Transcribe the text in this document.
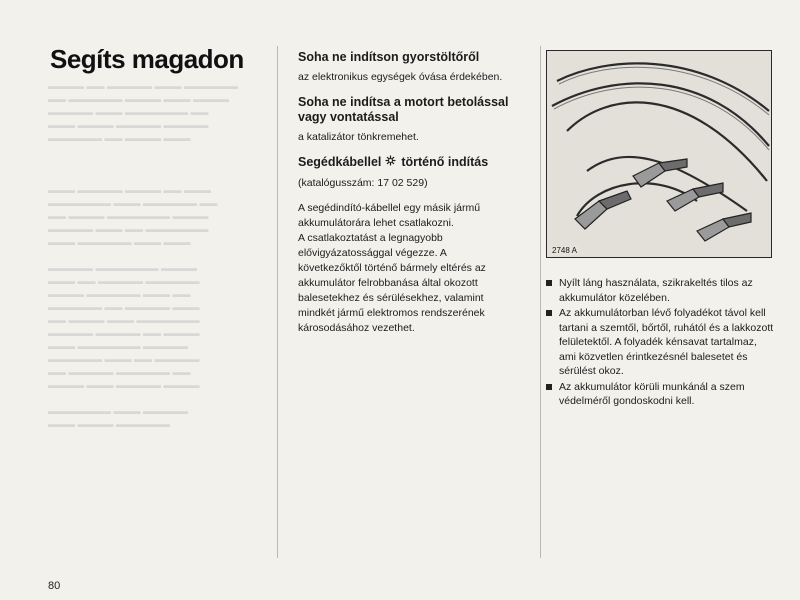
▬▬▬▬ ▬▬ ▬▬▬▬▬ ▬▬▬ ▬▬▬▬▬▬
▬▬ ▬▬▬▬▬▬ ▬▬▬▬ ▬▬▬ ▬▬▬▬
▬▬▬▬▬ ▬▬▬ ▬▬▬▬▬▬▬ ▬▬
▬▬▬ ▬▬▬▬ ▬▬▬▬▬ ▬▬▬▬▬
▬▬▬▬▬▬ ▬▬ ▬▬▬▬ ▬▬▬

▬▬▬ ▬▬▬▬▬ ▬▬▬▬ ▬▬ ▬▬▬
▬▬▬▬▬▬▬ ▬▬▬ ▬▬▬▬▬▬ ▬▬
▬▬ ▬▬▬▬ ▬▬▬▬▬▬▬ ▬▬▬▬
▬▬▬▬▬ ▬▬▬ ▬▬ ▬▬▬▬▬▬▬
▬▬▬ ▬▬▬▬▬▬ ▬▬▬ ▬▬▬

▬▬▬▬▬ ▬▬▬▬▬▬▬ ▬▬▬▬
▬▬▬ ▬▬ ▬▬▬▬▬ ▬▬▬▬▬▬
▬▬▬▬ ▬▬▬▬▬▬ ▬▬▬ ▬▬
▬▬▬▬▬▬ ▬▬ ▬▬▬▬▬ ▬▬▬
▬▬ ▬▬▬▬ ▬▬▬ ▬▬▬▬▬▬▬
▬▬▬▬▬ ▬▬▬▬▬ ▬▬ ▬▬▬▬
▬▬▬ ▬▬▬▬▬▬▬ ▬▬▬▬▬
▬▬▬▬▬▬ ▬▬▬ ▬▬ ▬▬▬▬▬
▬▬ ▬▬▬▬▬ ▬▬▬▬▬▬ ▬▬
▬▬▬▬ ▬▬▬ ▬▬▬▬▬ ▬▬▬▬

▬▬▬▬▬▬▬ ▬▬▬ ▬▬▬▬▬
▬▬▬ ▬▬▬▬ ▬▬▬▬▬▬
Segíts magadon	Soha ne indítson gyorstöltőről
az elektronikus egységek óvása érdekében.
Soha ne indítsa a motort betolással vagy vontatással
a katalizátor tönkremehet.
Segédkábellel történő indítás
(katalógusszám: 17 02 529)
A segédindító-kábellel egy másik jármű
akkumulátorára lehet csatlakozni.
A csatlakoztatást a legnagyobb
elővigyázatossággal végezze. A
következőktől történő bármely eltérés az
akkumulátor felrobbanása által okozott
balesetekhez és sérülésekhez, valamint
mindkét jármű elektromos rendszerének
károsodásához vezethet.
2748 A
Nyílt láng használata, szikrakeltés tilos az akkumulátor közelében.
Az akkumulátorban lévő folyadékot távol kell tartani a szemtől, bőrtől, ruhától és a lakkozott felületektől. A folyadék kénsavat tartalmaz, ami közvetlen érintkezésnél balesetet és sérülést okoz.
Az akkumulátor körüli munkánál a szem védelméről gondoskodni kell.
80
